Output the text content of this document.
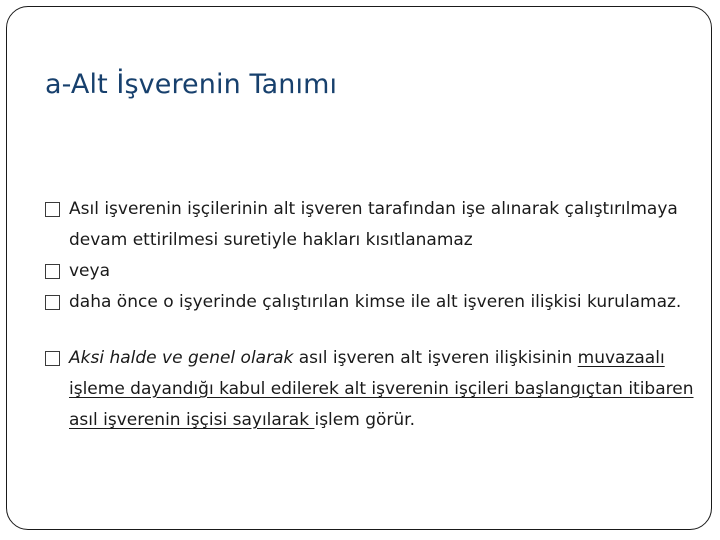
a-Alt İşverenin Tanımı
Asıl işverenin işçilerinin alt işveren tarafından işe alınarak çalıştırılmaya devam ettirilmesi suretiyle hakları kısıtlanamaz
veya
daha önce o işyerinde çalıştırılan kimse ile alt işveren ilişkisi kurulamaz.
Aksi halde ve genel olarak asıl işveren alt işveren ilişkisinin muvazaalı işleme dayandığı kabul edilerek alt işverenin işçileri başlangıçtan itibaren asıl işverenin işçisi sayılarak işlem görür.
